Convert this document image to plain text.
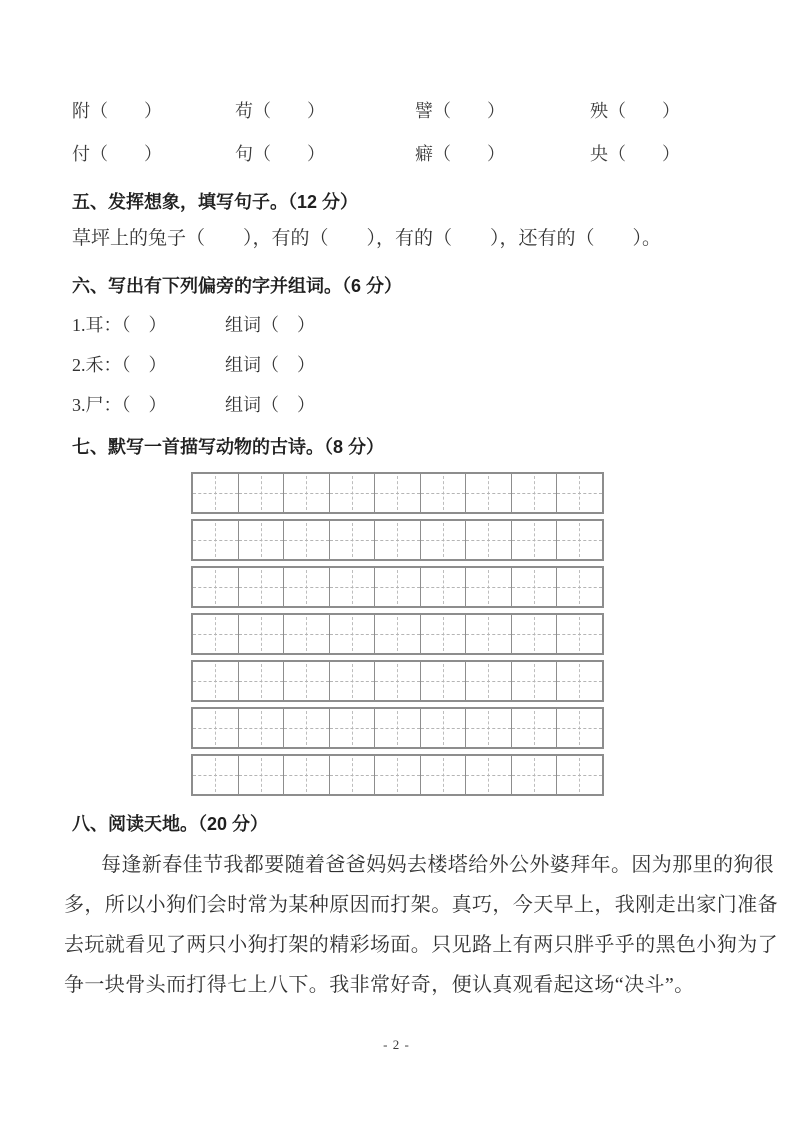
附（　　）	苟（　　）	譬（　　）	殃（　　）
付（　　）	句（　　）	癖（　　）	央（　　）
五、发挥想象，填写句子。（12 分）
草坪上的兔子（　　），有的（　　），有的（　　），还有的（　　）。
六、写出有下列偏旁的字并组词。（6 分）
1.耳：（　）	组词（　）
2.禾：（　）	组词（　）
3.尸：（　）	组词（　）
七、默写一首描写动物的古诗。（8 分）
八、阅读天地。（20 分）
每逢新春佳节我都要随着爸爸妈妈去楼塔给外公外婆拜年。因为那里的狗很
多，所以小狗们会时常为某种原因而打架。真巧，今天早上，我刚走出家门准备
去玩就看见了两只小狗打架的精彩场面。只见路上有两只胖乎乎的黑色小狗为了
争一块骨头而打得七上八下。我非常好奇，便认真观看起这场“决斗”。
- 2 -
